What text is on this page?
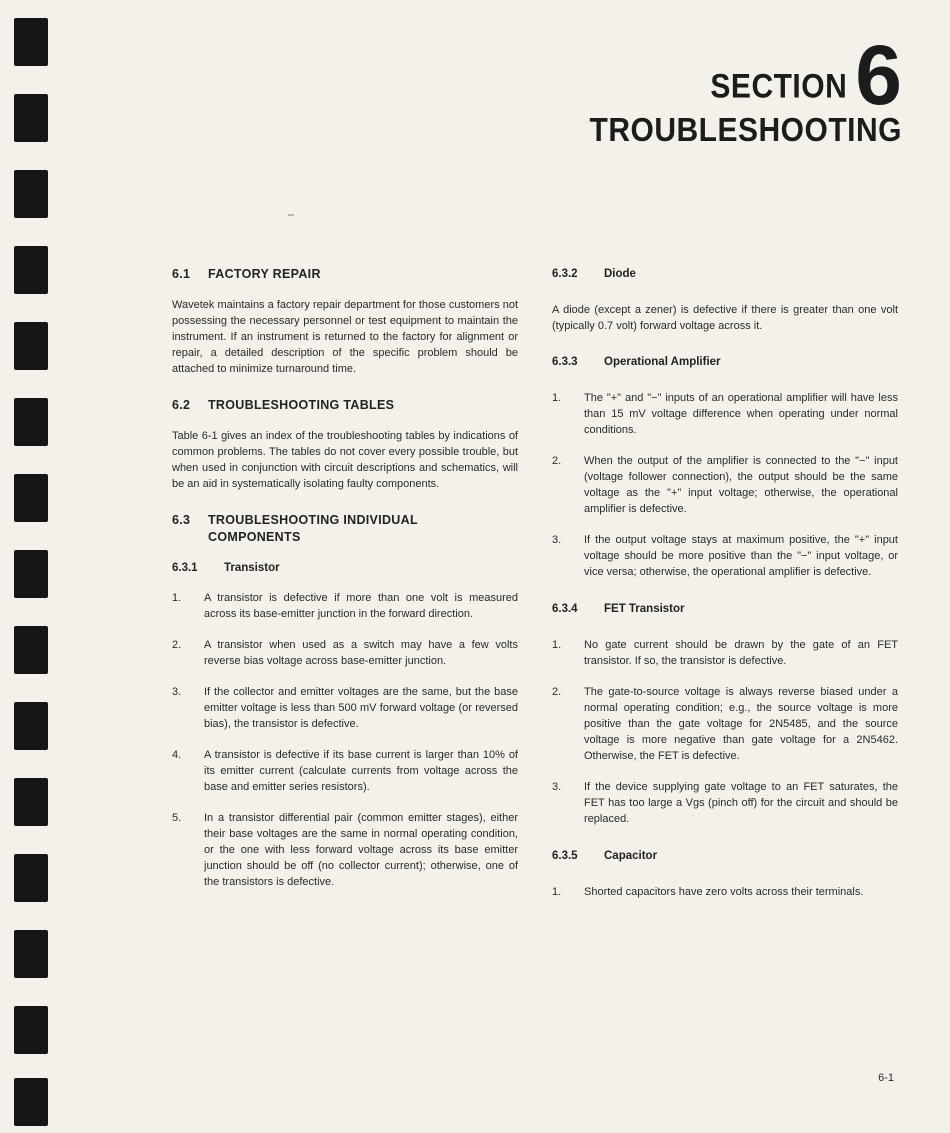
SECTION 6
TROUBLESHOOTING
6.1	FACTORY REPAIR

Wavetek maintains a factory repair department for those customers not possessing the necessary personnel or test equipment to maintain the instrument. If an instrument is returned to the factory for alignment or repair, a detailed description of the specific problem should be attached to minimize turnaround time.

6.2	TROUBLESHOOTING TABLES

Table 6-1 gives an index of the troubleshooting tables by indications of common problems. The tables do not cover every possible trouble, but when used in conjunction with circuit descriptions and schematics, will be an aid in systematically isolating faulty components.

6.3	TROUBLESHOOTING INDIVIDUAL
COMPONENTS
6.3.1	Transistor
1.	A transistor is defective if more than one volt is measured across its base-emitter junction in the forward direction.
2.	A transistor when used as a switch may have a few volts reverse bias voltage across base-emitter junction.
3.	If the collector and emitter voltages are the same, but the base emitter voltage is less than 500 mV forward voltage (or reversed bias), the transistor is defective.
4.	A transistor is defective if its base current is larger than 10% of its emitter current (calculate currents from voltage across the base and emitter series resistors).
5.	In a transistor differential pair (common emitter stages), either their base voltages are the same in normal operating condition, or the one with less forward voltage across its base emitter junction should be off (no collector current); otherwise, one of the transistors is defective.
6.3.2	Diode

A diode (except a zener) is defective if there is greater than one volt (typically 0.7 volt) forward voltage across it.

6.3.3	Operational Amplifier
1.	The "+" and "−" inputs of an operational amplifier will have less than 15 mV voltage difference when operating under normal conditions.
2.	When the output of the amplifier is connected to the "−" input (voltage follower connection), the output should be the same voltage as the "+" input voltage; otherwise, the operational amplifier is defective.
3.	If the output voltage stays at maximum positive, the "+" input voltage should be more positive than the "−" input voltage, or vice versa; otherwise, the operational amplifier is defective.
6.3.4	FET Transistor
1.	No gate current should be drawn by the gate of an FET transistor. If so, the transistor is defective.
2.	The gate-to-source voltage is always reverse biased under a normal operating condition; e.g., the source voltage is more positive than the gate voltage for 2N5485, and the source voltage is more negative than gate voltage for a 2N5462. Otherwise, the FET is defective.
3.	If the device supplying gate voltage to an FET saturates, the FET has too large a Vgs (pinch off) for the circuit and should be replaced.
6.3.5	Capacitor
1.	Shorted capacitors have zero volts across their terminals.
6-1
